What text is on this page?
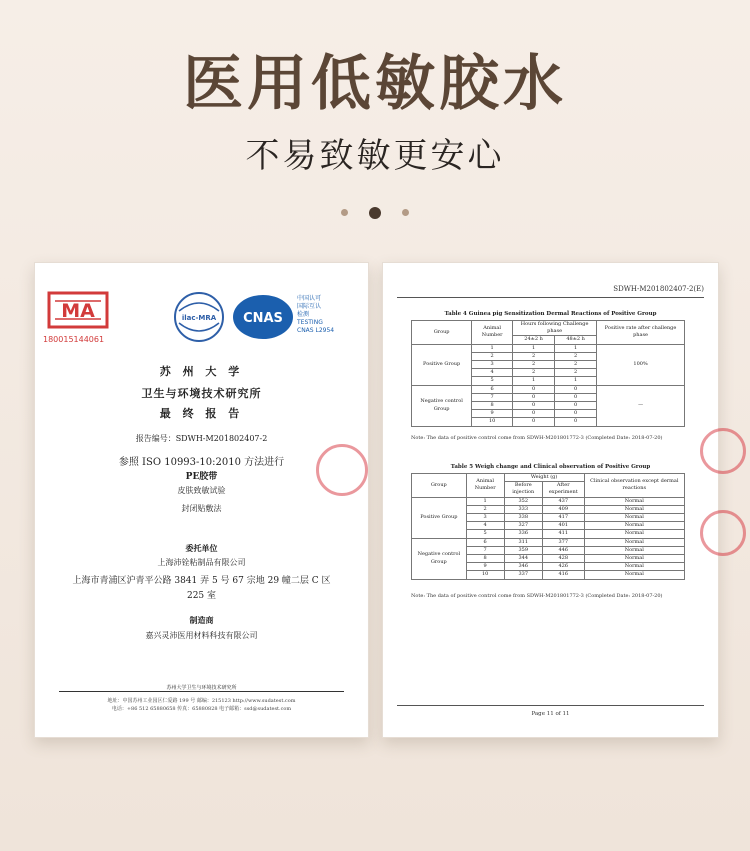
医用低敏胶水
不易致敏更安心

MA
180015144061
ilac-MRA CNAS
中国认可
国际互认
检测
TESTING
CNAS L2954
苏 州 大 学
卫生与环境技术研究所
最 终 报 告
报告编号：SDWH-M201802407-2
参照 ISO 10993-10:2010 方法进行
PE胶带
皮肤致敏试验
封闭贴敷法
委托单位
上海沛铨粘制品有限公司
上海市青浦区沪青平公路 3841 弄 5 号 67 宗地 29 幢二层 C 区
225 室
制造商
嘉兴灵沛医用材料科技有限公司
苏州大学卫生与环境技术研究所
地址：中国苏州工业园区仁爱路 199 号 邮编：215123 http://www.sudatest.com
电话：+86 512 65880658 传真：65880828 电子邮箱：ssd@sudatest.com
SDWH-M201802407-2(E)
Table 4 Guinea pig Sensitization Dermal Reactions of Positive Group
Group	Animal Number	Hours following Challenge phase		Positive rate after challenge phase
		24±2 h	48±2 h	
Positive Group	1	1	1	100%
	2	2	2	
	3	2	2	
	4	2	2	
	5	1	1	
Negative control Group	6	0	0	—
	7	0	0	
	8	0	0	
	9	0	0	
	10	0	0	
Note: The data of positive control come from SDWH-M201801772-3 (Completed Date: 2018-07-20)
Table 5 Weigh change and Clinical observation of Positive Group
Group	Animal Number	Weight (g)		Clinical observation except dermal reactions
		Before injection	After experiment	
Positive Group	1	352	437	Normal
	2	333	409	Normal
	3	338	417	Normal
	4	327	401	Normal
	5	336	411	Normal
Negative control Group	6	311	377	Normal
	7	359	446	Normal
	8	344	428	Normal
	9	346	426	Normal
	10	337	416	Normal
Note: The data of positive control come from SDWH-M201801772-3 (Completed Date: 2018-07-20)
Page 11 of 11
